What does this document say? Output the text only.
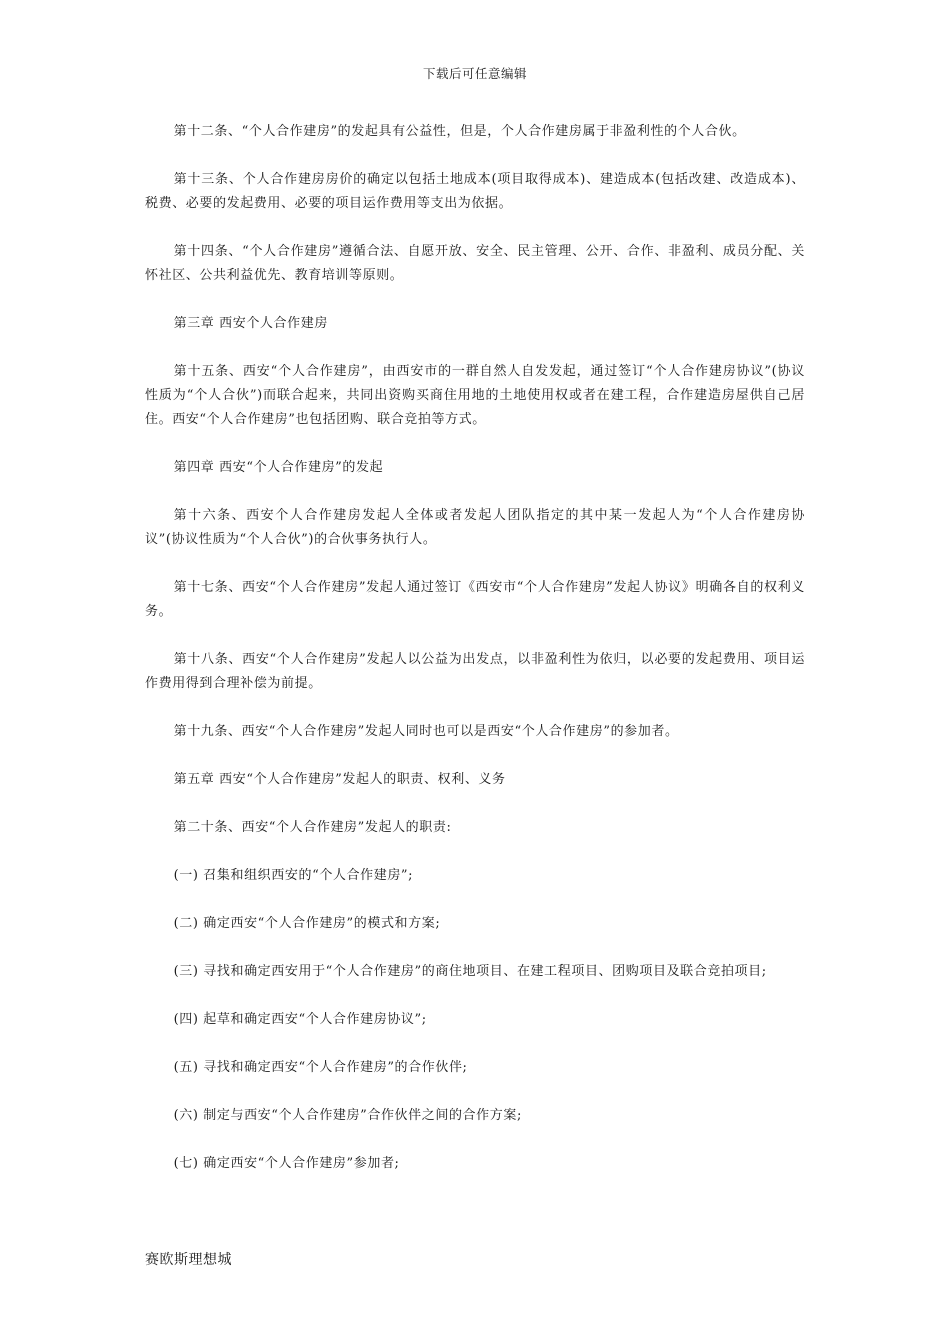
下载后可任意编辑

第十二条、“个人合作建房”的发起具有公益性，但是，个人合作建房属于非盈利性的个人合伙。

第十三条、个人合作建房房价的确定以包括土地成本(项目取得成本)、建造成本(包括改建、改造成本)、税费、必要的发起费用、必要的项目运作费用等支出为依据。

第十四条、“个人合作建房”遵循合法、自愿开放、安全、民主管理、公开、合作、非盈利、成员分配、关怀社区、公共利益优先、教育培训等原则。

第三章 西安个人合作建房

第十五条、西安“个人合作建房”，由西安市的一群自然人自发发起，通过签订“个人合作建房协议”(协议性质为“个人合伙”)而联合起来，共同出资购买商住用地的土地使用权或者在建工程，合作建造房屋供自己居住。西安“个人合作建房”也包括团购、联合竞拍等方式。

第四章 西安“个人合作建房”的发起

第十六条、西安个人合作建房发起人全体或者发起人团队指定的其中某一发起人为“个人合作建房协议”(协议性质为“个人合伙”)的合伙事务执行人。

第十七条、西安“个人合作建房”发起人通过签订《西安市“个人合作建房”发起人协议》明确各自的权利义务。

第十八条、西安“个人合作建房”发起人以公益为出发点，以非盈利性为依归，以必要的发起费用、项目运作费用得到合理补偿为前提。

第十九条、西安“个人合作建房”发起人同时也可以是西安“个人合作建房”的参加者。

第五章 西安“个人合作建房”发起人的职责、权利、义务

第二十条、西安“个人合作建房”发起人的职责:

(一) 召集和组织西安的“个人合作建房”;

(二) 确定西安“个人合作建房”的模式和方案;

(三) 寻找和确定西安用于“个人合作建房”的商住地项目、在建工程项目、团购项目及联合竞拍项目;

(四) 起草和确定西安“个人合作建房协议”;

(五) 寻找和确定西安“个人合作建房”的合作伙伴;

(六) 制定与西安“个人合作建房”合作伙伴之间的合作方案;

(七) 确定西安“个人合作建房”参加者;

赛欧斯理想城
